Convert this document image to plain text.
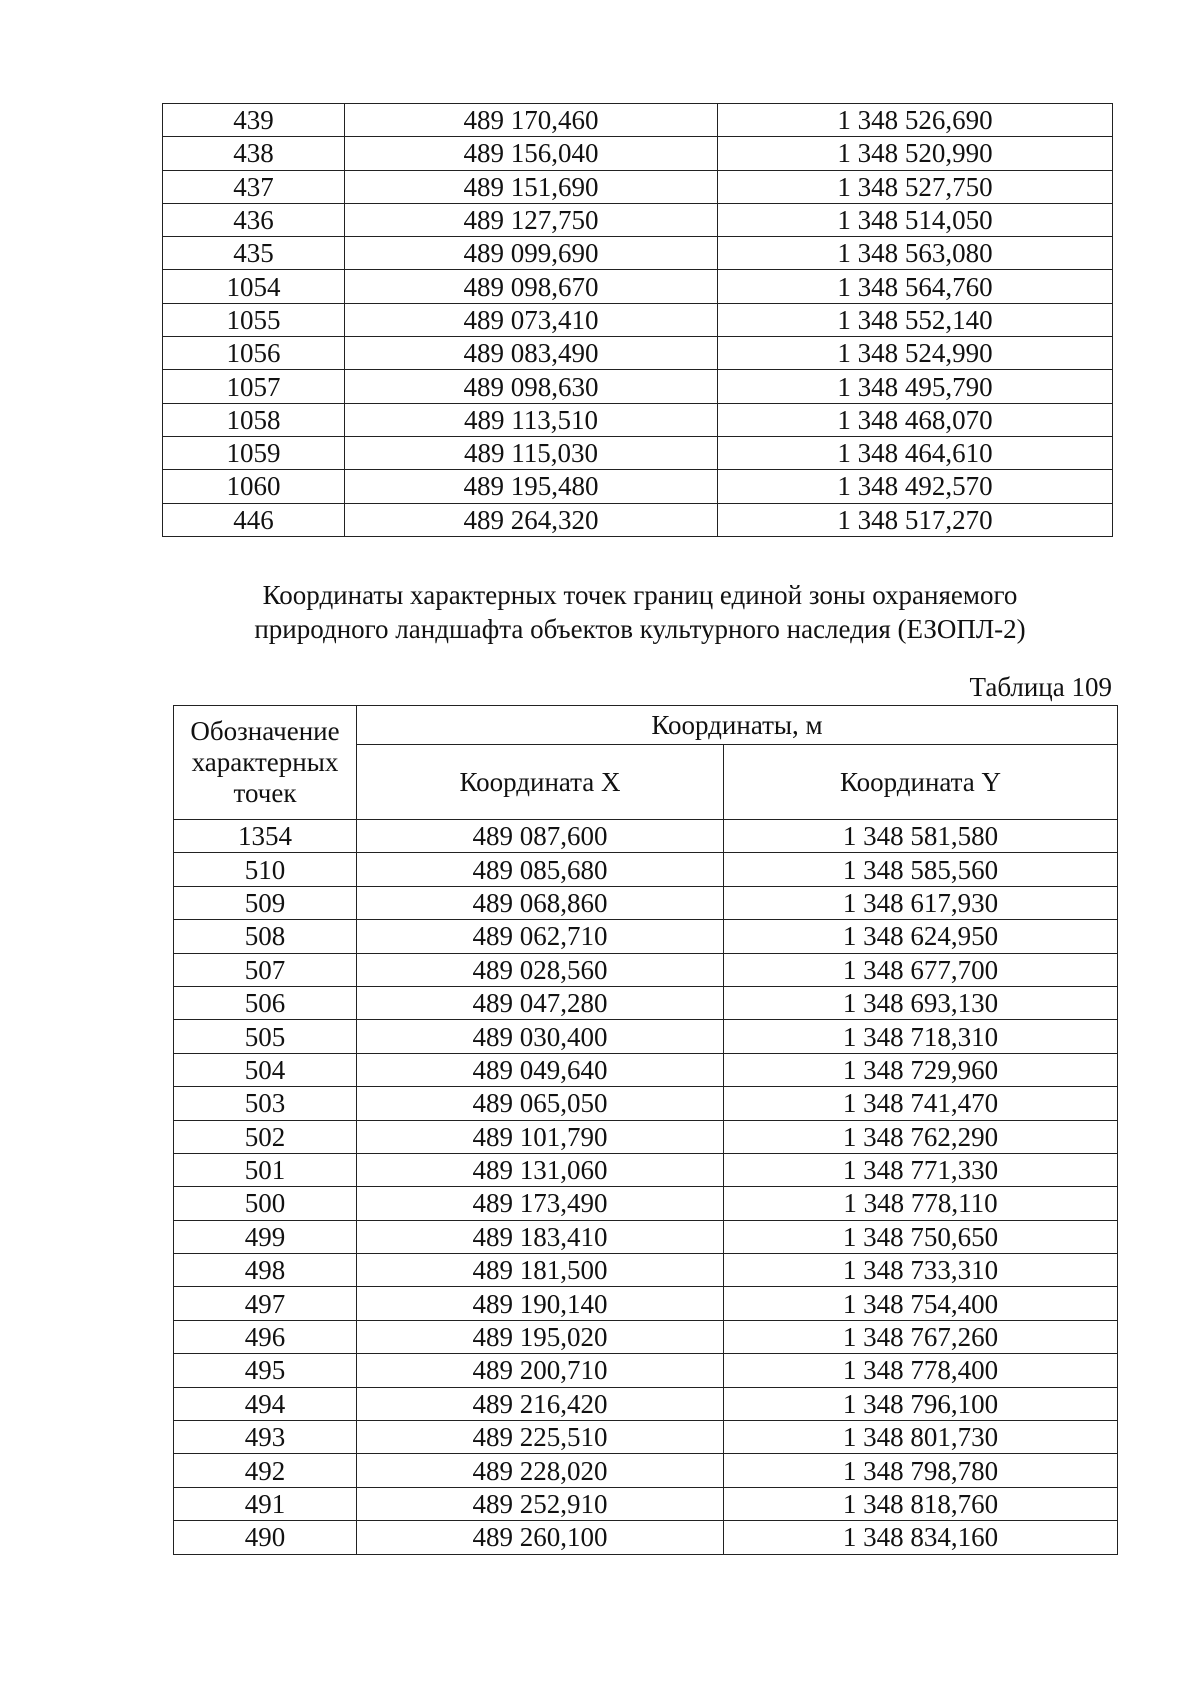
439	489 170,460	1 348 526,690
438	489 156,040	1 348 520,990
437	489 151,690	1 348 527,750
436	489 127,750	1 348 514,050
435	489 099,690	1 348 563,080
1054	489 098,670	1 348 564,760
1055	489 073,410	1 348 552,140
1056	489 083,490	1 348 524,990
1057	489 098,630	1 348 495,790
1058	489 113,510	1 348 468,070
1059	489 115,030	1 348 464,610
1060	489 195,480	1 348 492,570
446	489 264,320	1 348 517,270
Координаты характерных точек границ единой зоны охраняемого
природного ландшафта объектов культурного наследия (ЕЗОПЛ-2)
Таблица 109
Обозначение
характерных
точек	Координаты, м	
	Координата X	Координата Y
1354	489 087,600	1 348 581,580
510	489 085,680	1 348 585,560
509	489 068,860	1 348 617,930
508	489 062,710	1 348 624,950
507	489 028,560	1 348 677,700
506	489 047,280	1 348 693,130
505	489 030,400	1 348 718,310
504	489 049,640	1 348 729,960
503	489 065,050	1 348 741,470
502	489 101,790	1 348 762,290
501	489 131,060	1 348 771,330
500	489 173,490	1 348 778,110
499	489 183,410	1 348 750,650
498	489 181,500	1 348 733,310
497	489 190,140	1 348 754,400
496	489 195,020	1 348 767,260
495	489 200,710	1 348 778,400
494	489 216,420	1 348 796,100
493	489 225,510	1 348 801,730
492	489 228,020	1 348 798,780
491	489 252,910	1 348 818,760
490	489 260,100	1 348 834,160
